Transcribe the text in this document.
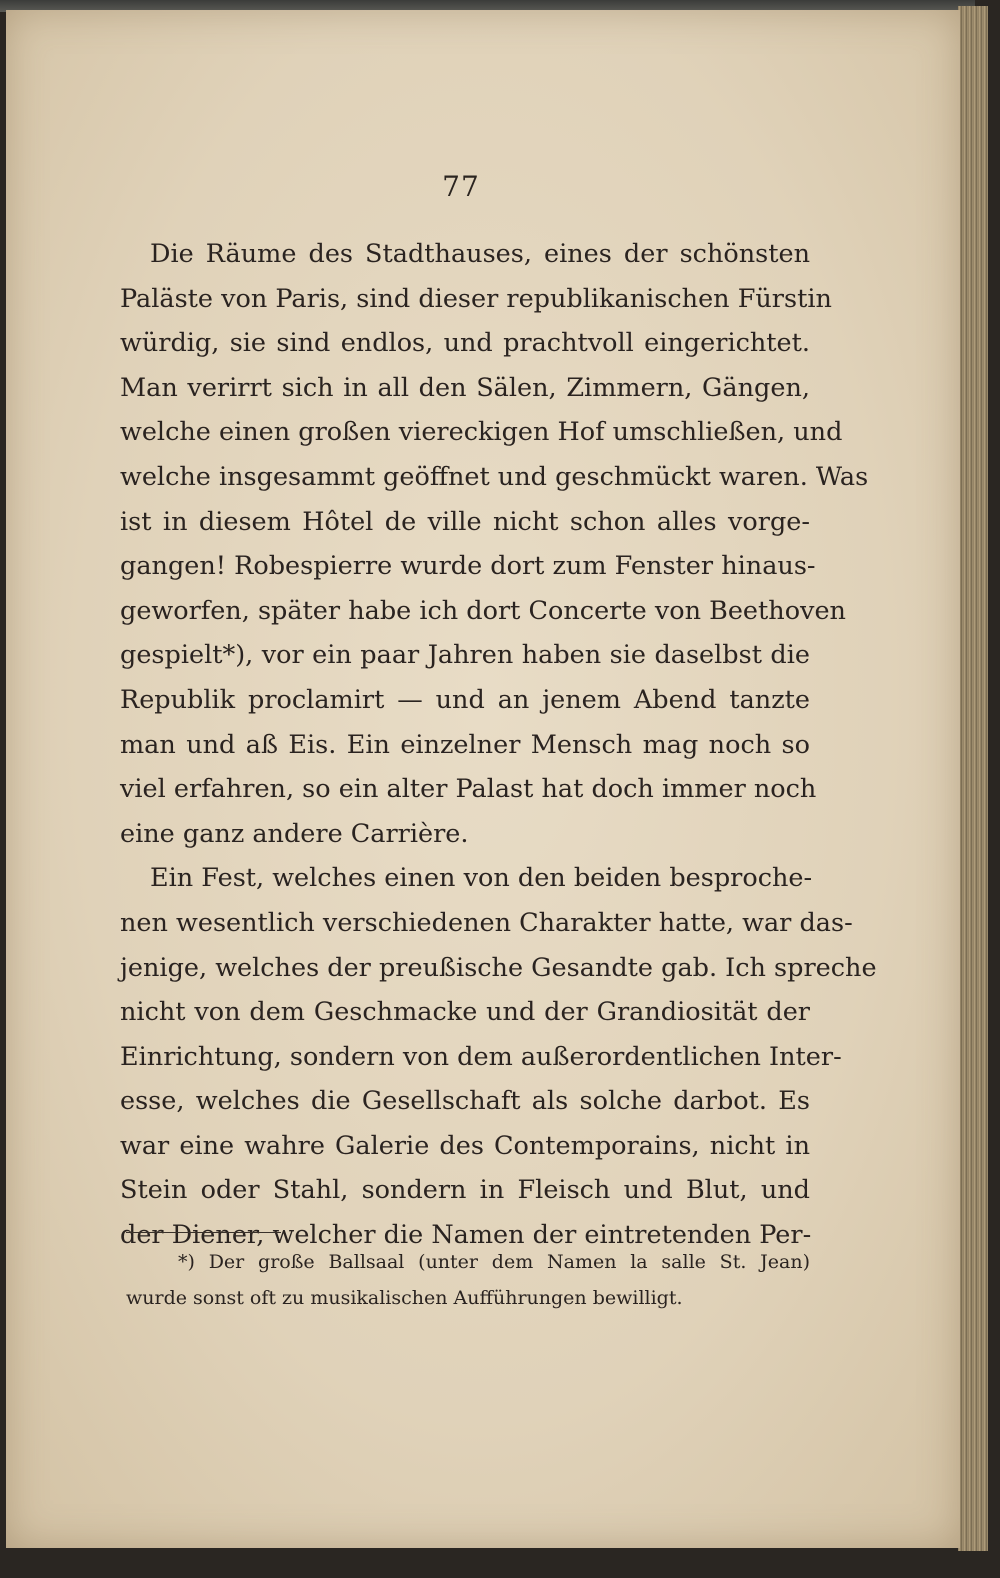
77
Die Räume des Stadthauses, eines der schönsten
Paläste von Paris, sind dieser republikanischen Fürstin
würdig, sie sind endlos, und prachtvoll eingerichtet.
Man verirrt sich in all den Sälen, Zimmern, Gängen,
welche einen großen viereckigen Hof umschließen, und
welche insgesammt geöffnet und geschmückt waren. Was
ist in diesem Hôtel de ville nicht schon alles vorge-
gangen! Robespierre wurde dort zum Fenster hinaus-
geworfen, später habe ich dort Concerte von Beethoven
gespielt*), vor ein paar Jahren haben sie daselbst die
Republik proclamirt — und an jenem Abend tanzte
man und aß Eis. Ein einzelner Mensch mag noch so
viel erfahren, so ein alter Palast hat doch immer noch
eine ganz andere Carrière.
Ein Fest, welches einen von den beiden besproche-
nen wesentlich verschiedenen Charakter hatte, war das-
jenige, welches der preußische Gesandte gab. Ich spreche
nicht von dem Geschmacke und der Grandiosität der
Einrichtung, sondern von dem außerordentlichen Inter-
esse, welches die Gesellschaft als solche darbot. Es
war eine wahre Galerie des Contemporains, nicht in
Stein oder Stahl, sondern in Fleisch und Blut, und
der Diener, welcher die Namen der eintretenden Per-
*) Der große Ballsaal (unter dem Namen la salle St. Jean)
wurde sonst oft zu musikalischen Aufführungen bewilligt.
